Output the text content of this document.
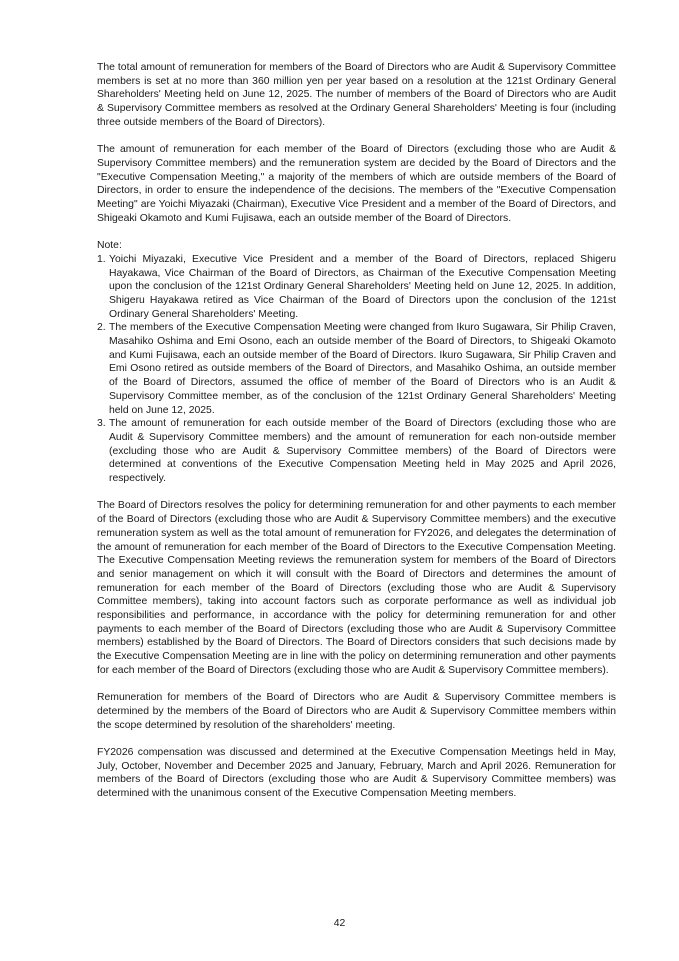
The total amount of remuneration for members of the Board of Directors who are Audit & Supervisory Committee members is set at no more than 360 million yen per year based on a resolution at the 121st Ordinary General Shareholders' Meeting held on June 12, 2025. The number of members of the Board of Directors who are Audit & Supervisory Committee members as resolved at the Ordinary General Shareholders' Meeting is four (including three outside members of the Board of Directors).

The amount of remuneration for each member of the Board of Directors (excluding those who are Audit & Supervisory Committee members) and the remuneration system are decided by the Board of Directors and the "Executive Compensation Meeting," a majority of the members of which are outside members of the Board of Directors, in order to ensure the independence of the decisions. The members of the "Executive Compensation Meeting" are Yoichi Miyazaki (Chairman), Executive Vice President and a member of the Board of Directors, and Shigeaki Okamoto and Kumi Fujisawa, each an outside member of the Board of Directors.

Note:

1. Yoichi Miyazaki, Executive Vice President and a member of the Board of Directors, replaced Shigeru Hayakawa, Vice Chairman of the Board of Directors, as Chairman of the Executive Compensation Meeting upon the conclusion of the 121st Ordinary General Shareholders' Meeting held on June 12, 2025. In addition, Shigeru Hayakawa retired as Vice Chairman of the Board of Directors upon the conclusion of the 121st Ordinary General Shareholders' Meeting.
2. The members of the Executive Compensation Meeting were changed from Ikuro Sugawara, Sir Philip Craven, Masahiko Oshima and Emi Osono, each an outside member of the Board of Directors, to Shigeaki Okamoto and Kumi Fujisawa, each an outside member of the Board of Directors. Ikuro Sugawara, Sir Philip Craven and Emi Osono retired as outside members of the Board of Directors, and Masahiko Oshima, an outside member of the Board of Directors, assumed the office of member of the Board of Directors who is an Audit & Supervisory Committee member, as of the conclusion of the 121st Ordinary General Shareholders' Meeting held on June 12, 2025.
3. The amount of remuneration for each outside member of the Board of Directors (excluding those who are Audit & Supervisory Committee members) and the amount of remuneration for each non-outside member (excluding those who are Audit & Supervisory Committee members) of the Board of Directors were determined at conventions of the Executive Compensation Meeting held in May 2025 and April 2026, respectively.

The Board of Directors resolves the policy for determining remuneration for and other payments to each member of the Board of Directors (excluding those who are Audit & Supervisory Committee members) and the executive remuneration system as well as the total amount of remuneration for FY2026, and delegates the determination of the amount of remuneration for each member of the Board of Directors to the Executive Compensation Meeting. The Executive Compensation Meeting reviews the remuneration system for members of the Board of Directors and senior management on which it will consult with the Board of Directors and determines the amount of remuneration for each member of the Board of Directors (excluding those who are Audit & Supervisory Committee members), taking into account factors such as corporate performance as well as individual job responsibilities and performance, in accordance with the policy for determining remuneration for and other payments to each member of the Board of Directors (excluding those who are Audit & Supervisory Committee members) established by the Board of Directors. The Board of Directors considers that such decisions made by the Executive Compensation Meeting are in line with the policy on determining remuneration and other payments for each member of the Board of Directors (excluding those who are Audit & Supervisory Committee members).

Remuneration for members of the Board of Directors who are Audit & Supervisory Committee members is determined by the members of the Board of Directors who are Audit & Supervisory Committee members within the scope determined by resolution of the shareholders' meeting.

FY2026 compensation was discussed and determined at the Executive Compensation Meetings held in May, July, October, November and December 2025 and January, February, March and April 2026. Remuneration for members of the Board of Directors (excluding those who are Audit & Supervisory Committee members) was determined with the unanimous consent of the Executive Compensation Meeting members.

42
